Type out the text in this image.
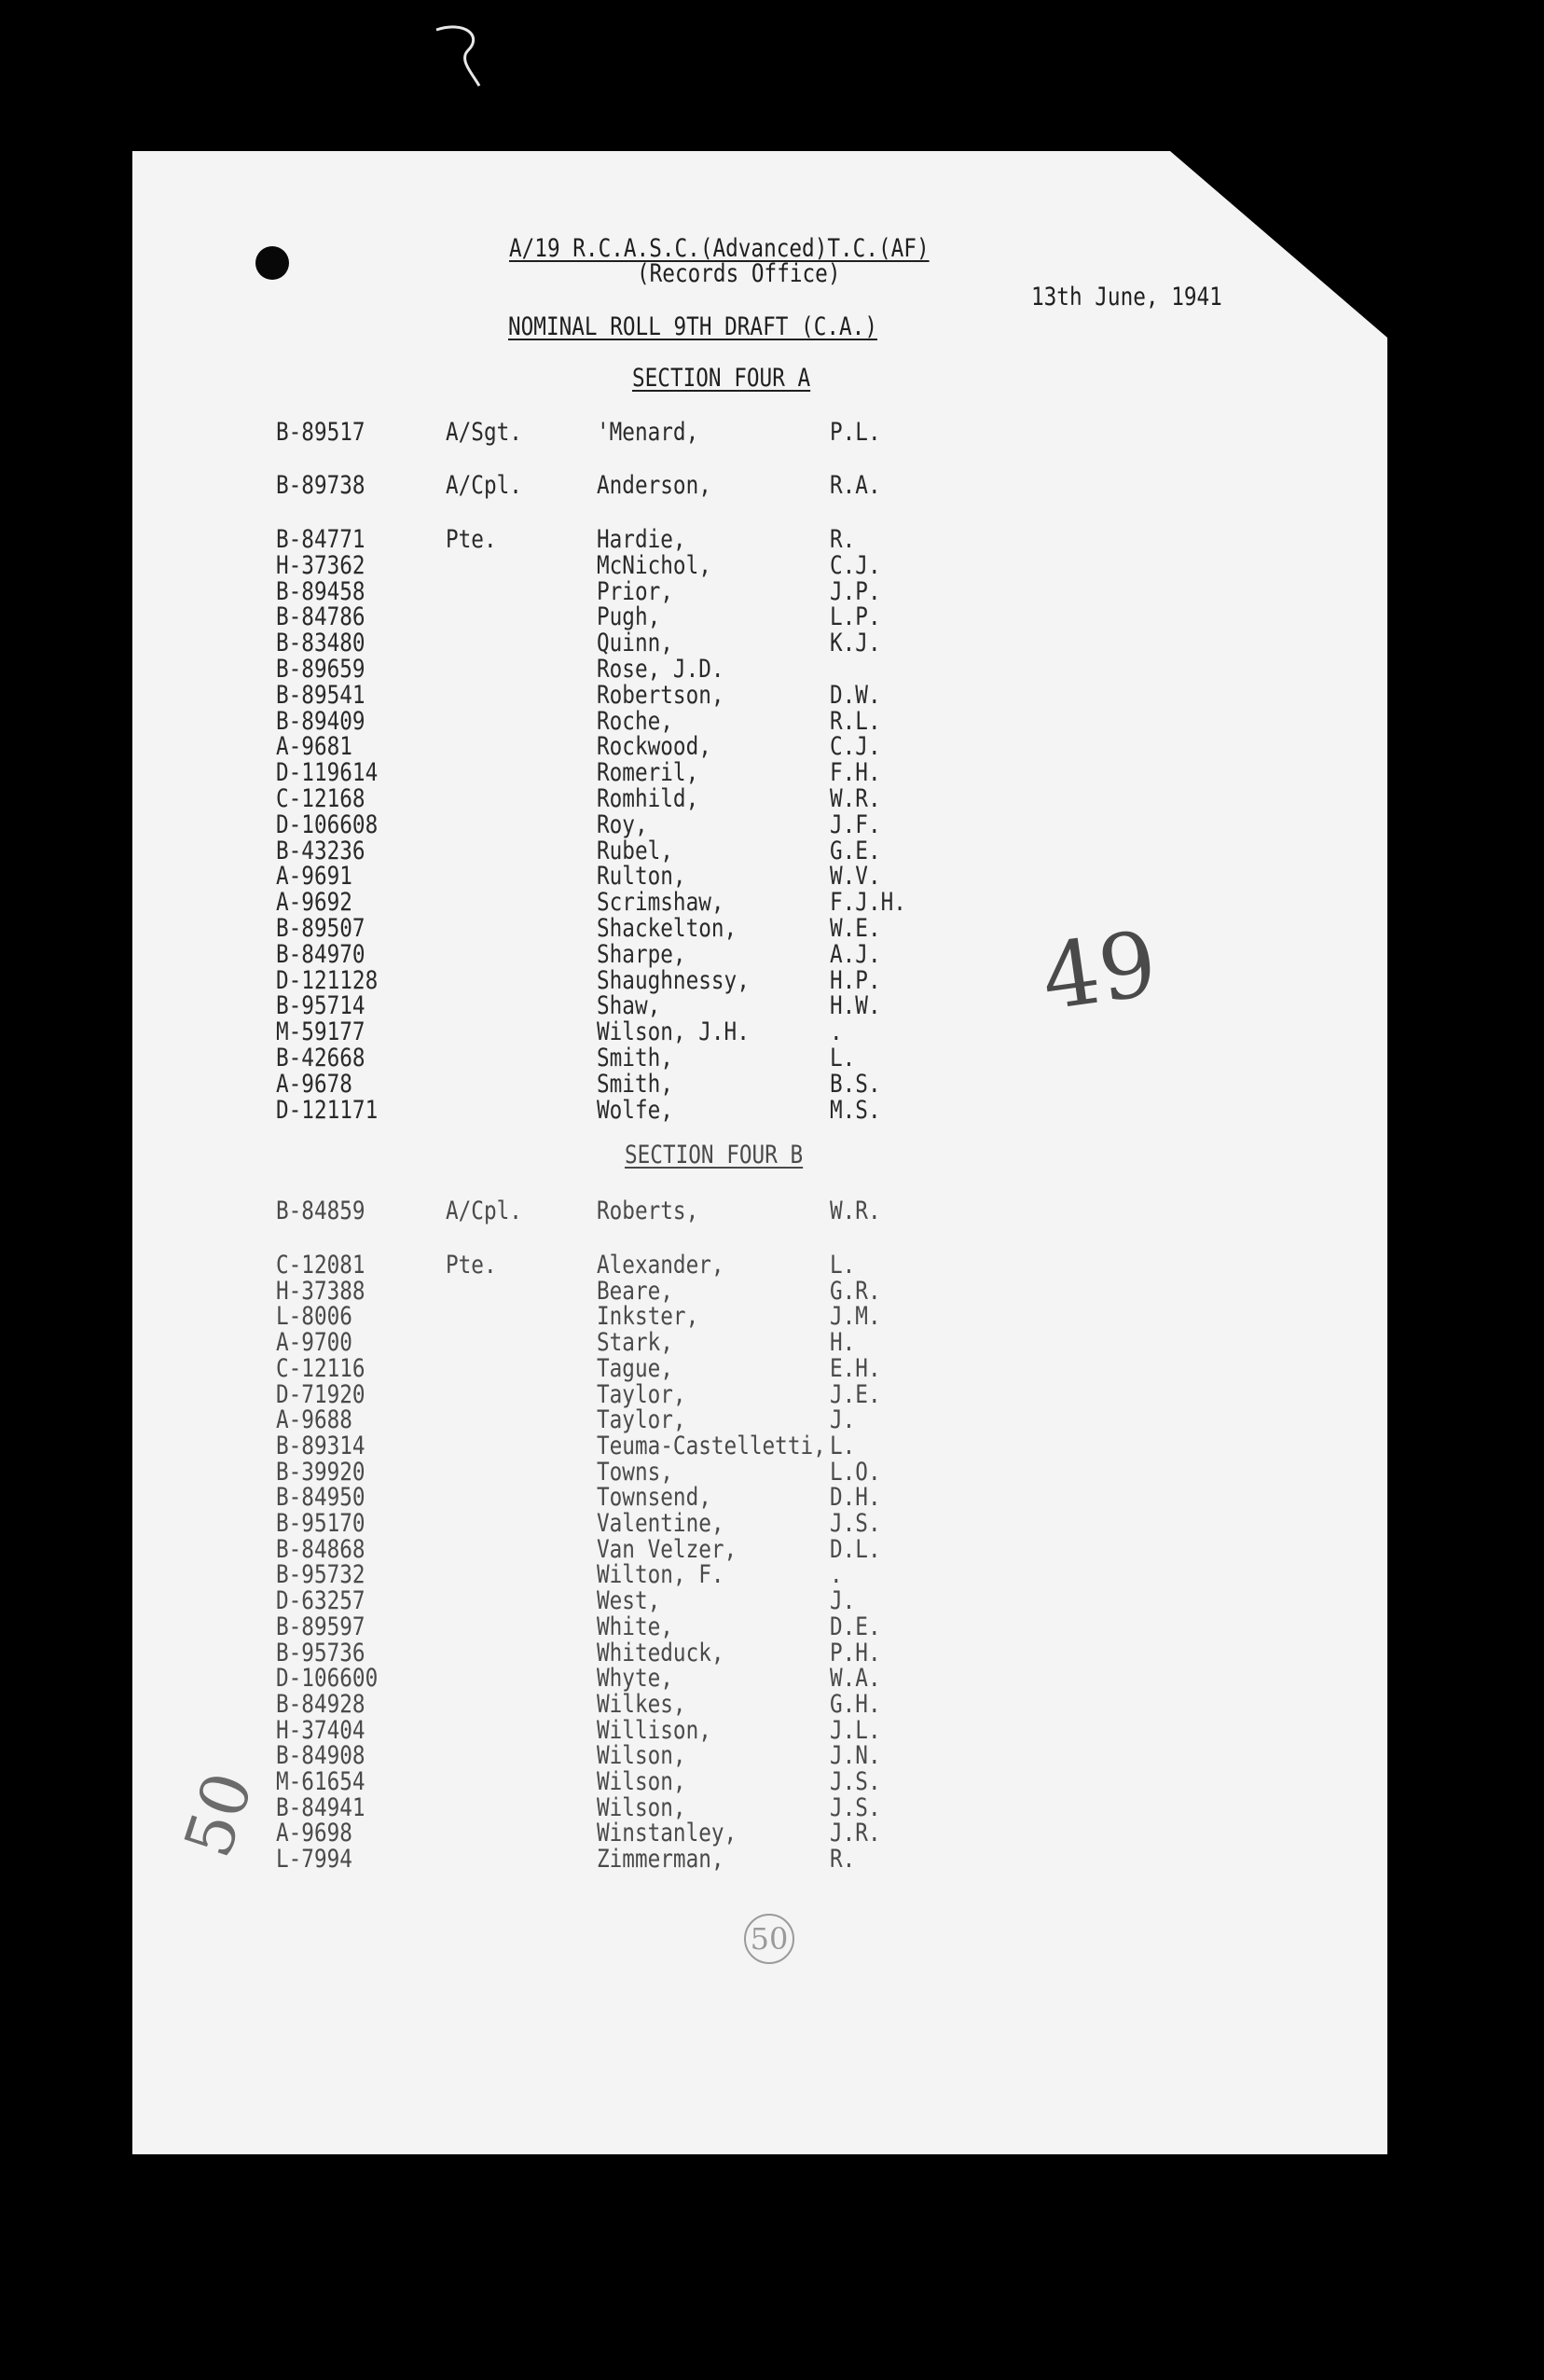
A/19 R.C.A.S.C.(Advanced)T.C.(AF)
(Records Office)
13th June, 1941
NOMINAL ROLL 9TH DRAFT (C.A.)
SECTION FOUR A
B-89517	A/Sgt.	'Menard,	P.L.
B-89738	A/Cpl.	Anderson,	R.A.
B-84771	Pte.	Hardie,	R.
H-37362	McNichol,	C.J.
B-89458	Prior,	J.P.
B-84786	Pugh,	L.P.
B-83480	Quinn,	K.J.
B-89659	Rose, J.D.
B-89541	Robertson,	D.W.
B-89409	Roche,	R.L.
A-9681	Rockwood,	C.J.
D-119614	Romeril,	F.H.
C-12168	Romhild,	W.R.
D-106608	Roy,	J.F.
B-43236	Rubel,	G.E.
A-9691	Rulton,	W.V.
A-9692	Scrimshaw,	F.J.H.
B-89507	Shackelton,	W.E.
B-84970	Sharpe,	A.J.
D-121128	Shaughnessy,	H.P.
B-95714	Shaw,	H.W.
M-59177	Wilson, J.H.	.
B-42668	Smith,	L.
A-9678	Smith,	B.S.
D-121171	Wolfe,	M.S.
SECTION FOUR B
B-84859	A/Cpl.	Roberts,	W.R.
C-12081	Pte.	Alexander,	L.
H-37388	Beare,	G.R.
L-8006	Inkster,	J.M.
A-9700	Stark,	H.
C-12116	Tague,	E.H.
D-71920	Taylor,	J.E.
A-9688	Taylor,	J.
B-89314	Teuma-Castelletti, L.
B-39920	Towns,	L.O.
B-84950	Townsend,	D.H.
B-95170	Valentine,	J.S.
B-84868	Van Velzer,	D.L.
B-95732	Wilton, F.	.
D-63257	West,	J.
B-89597	White,	D.E.
B-95736	Whiteduck,	P.H.
D-106600	Whyte,	W.A.
B-84928	Wilkes,	G.H.
H-37404	Willison,	J.L.
B-84908	Wilson,	J.N.
M-61654	Wilson,	J.S.
B-84941	Wilson,	J.S.
A-9698	Winstanley,	J.R.
L-7994	Zimmerman,	R.
49
50
50
